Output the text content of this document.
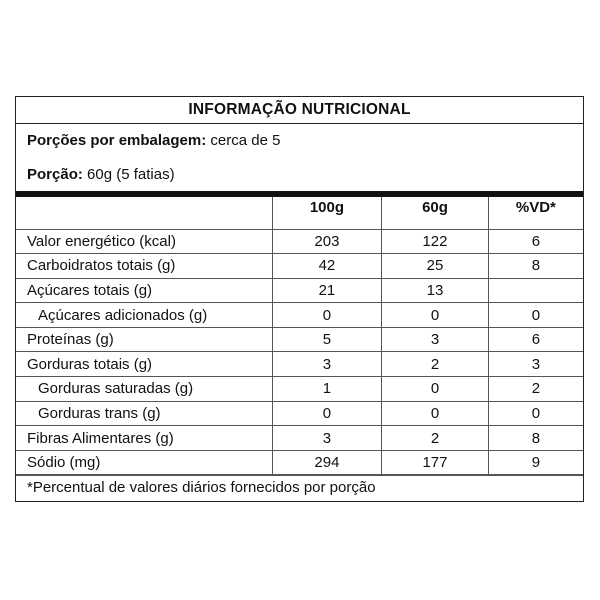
INFORMAÇÃO NUTRICIONAL
Porções por embalagem: cerca de 5
Porção: 60g (5 fatias)
	100g	60g	%VD*
Valor energético (kcal)	203	122	6
Carboidratos totais (g)	42	25	8
Açúcares totais (g)	21	13	
Açúcares adicionados (g)	0	0	0
Proteínas (g)	5	3	6
Gorduras totais (g)	3	2	3
Gorduras saturadas (g)	1	0	2
Gorduras trans (g)	0	0	0
Fibras Alimentares (g)	3	2	8
Sódio (mg)	294	177	9
*Percentual de valores diários fornecidos por porção
